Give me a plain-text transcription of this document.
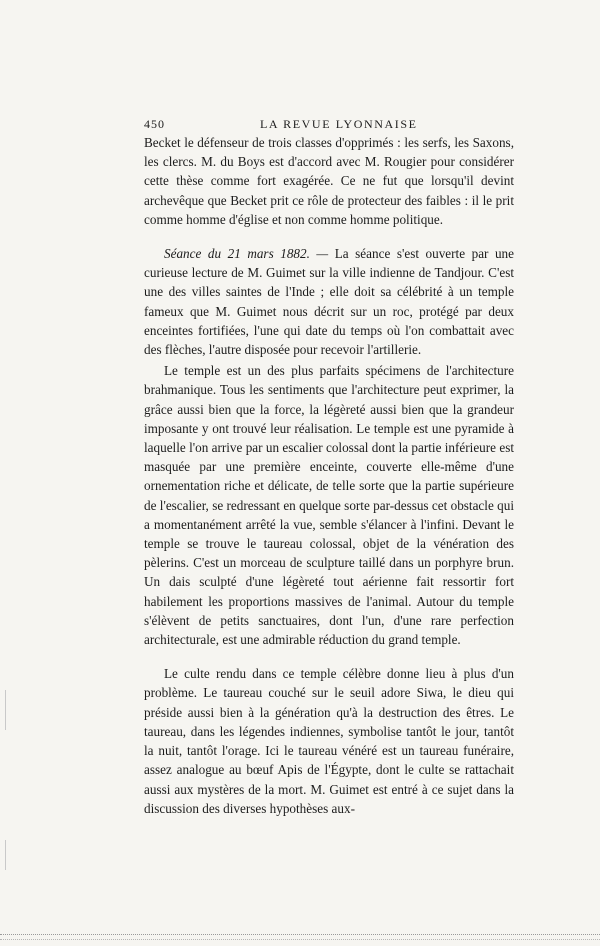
450	LA REVUE LYONNAISE

Becket le défenseur de trois classes d'opprimés : les serfs, les Saxons, les clercs. M. du Boys est d'accord avec M. Rougier pour considérer cette thèse comme fort exagérée. Ce ne fut que lorsqu'il devint archevêque que Becket prit ce rôle de protecteur des faibles : il le prit comme homme d'église et non comme homme politique.

Séance du 21 mars 1882. — La séance s'est ouverte par une curieuse lecture de M. Guimet sur la ville indienne de Tandjour. C'est une des villes saintes de l'Inde ; elle doit sa célébrité à un temple fameux que M. Guimet nous décrit sur un roc, protégé par deux enceintes fortifiées, l'une qui date du temps où l'on combattait avec des flèches, l'autre disposée pour recevoir l'artillerie.

Le temple est un des plus parfaits spécimens de l'architecture brahmanique. Tous les sentiments que l'architecture peut exprimer, la grâce aussi bien que la force, la légèreté aussi bien que la grandeur imposante y ont trouvé leur réalisation. Le temple est une pyramide à laquelle l'on arrive par un escalier colossal dont la partie inférieure est masquée par une première enceinte, couverte elle-même d'une ornementation riche et délicate, de telle sorte que la partie supérieure de l'escalier, se redressant en quelque sorte par-dessus cet obstacle qui a momentanément arrêté la vue, semble s'élancer à l'infini. Devant le temple se trouve le taureau colossal, objet de la vénération des pèlerins. C'est un morceau de sculpture taillé dans un porphyre brun. Un dais sculpté d'une légèreté tout aérienne fait ressortir fort habilement les proportions massives de l'animal. Autour du temple s'élèvent de petits sanctuaires, dont l'un, d'une rare perfection architecturale, est une admirable réduction du grand temple.

Le culte rendu dans ce temple célèbre donne lieu à plus d'un problème. Le taureau couché sur le seuil adore Siwa, le dieu qui préside aussi bien à la génération qu'à la destruction des êtres. Le taureau, dans les légendes indiennes, symbolise tantôt le jour, tantôt la nuit, tantôt l'orage. Ici le taureau vénéré est un taureau funéraire, assez analogue au bœuf Apis de l'Égypte, dont le culte se rattachait aussi aux mystères de la mort. M. Guimet est entré à ce sujet dans la discussion des diverses hypothèses aux-
